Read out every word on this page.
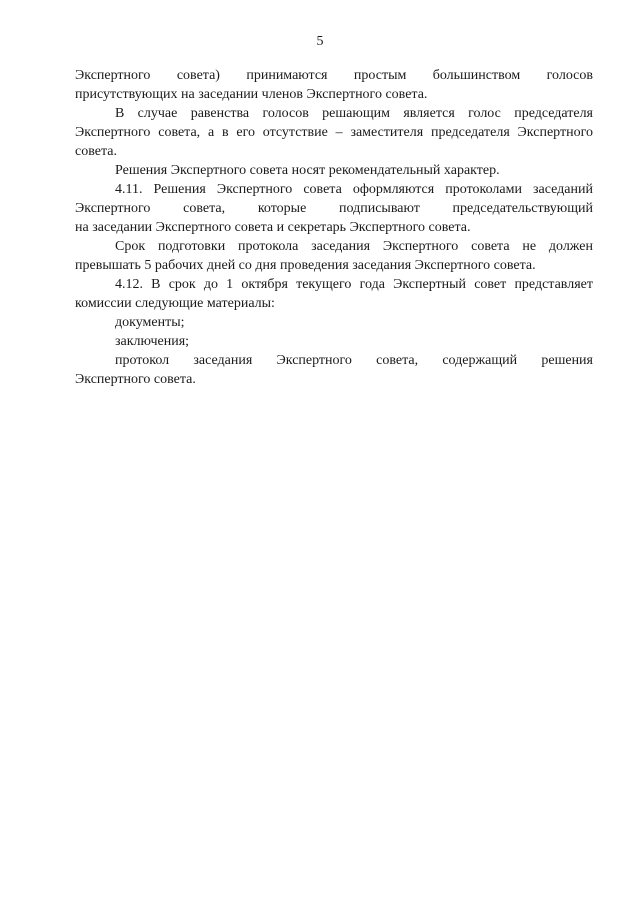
5

Экспертного совета) принимаются простым большинством голосов

присутствующих на заседании членов Экспертного совета.

В случае равенства голосов решающим является голос председателя

Экспертного совета, а в его отсутствие – заместителя председателя Экспертного

совета.

Решения Экспертного совета носят рекомендательный характер.

4.11. Решения Экспертного совета оформляются протоколами заседаний

Экспертного совета, которые подписывают председательствующий

на заседании Экспертного совета и секретарь Экспертного совета.

Срок подготовки протокола заседания Экспертного совета не должен

превышать 5 рабочих дней со дня проведения заседания Экспертного совета.

4.12. В срок до 1 октября текущего года Экспертный совет представляет

комиссии следующие материалы:

документы;

заключения;

протокол заседания Экспертного совета, содержащий решения

Экспертного совета.
